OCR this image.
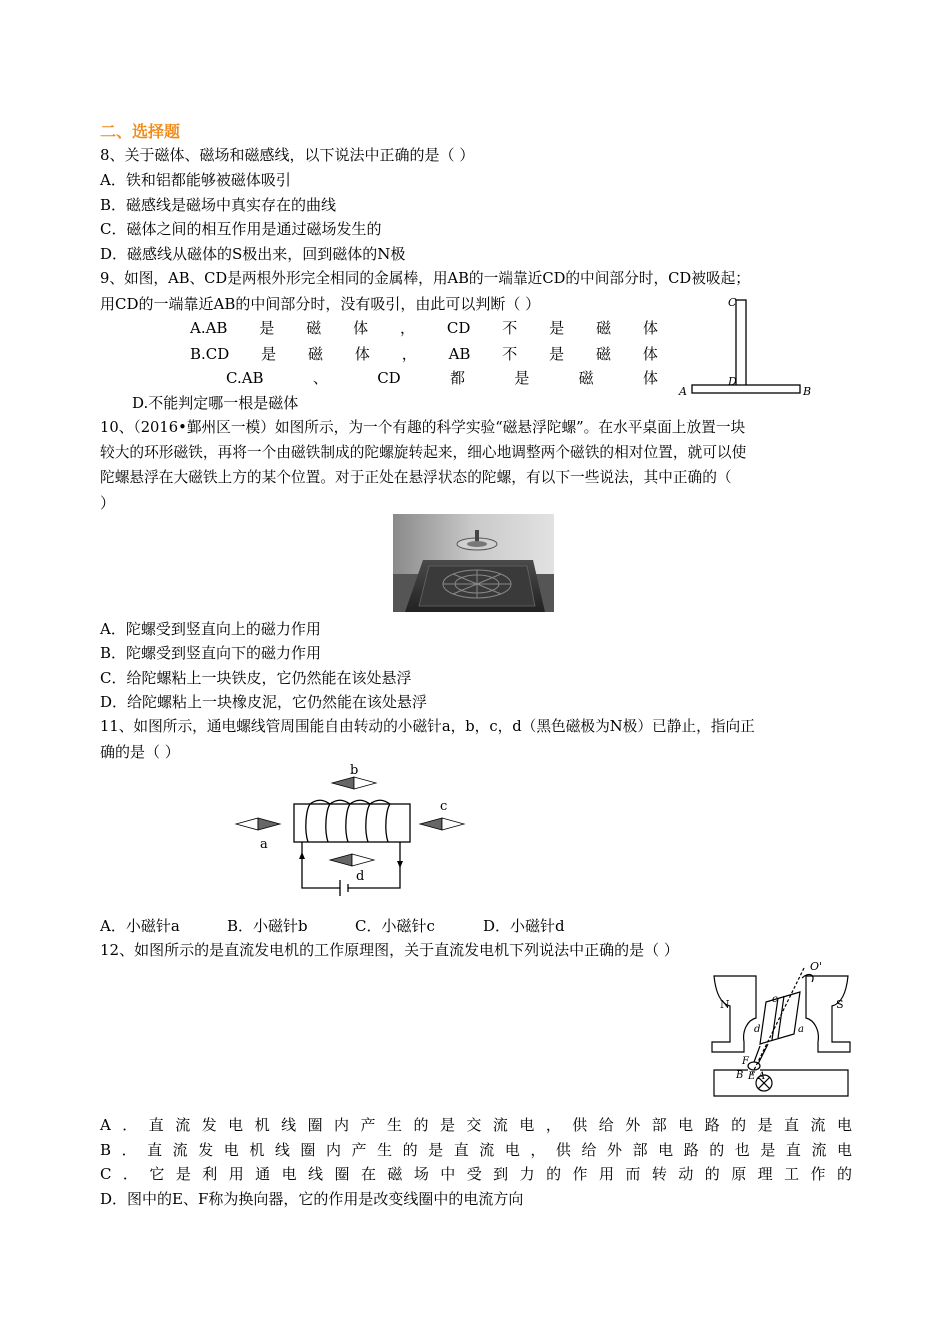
二、选择题
8、关于磁体、磁场和磁感线，以下说法中正确的是（ ）
A．铁和铝都能够被磁体吸引
B．磁感线是磁场中真实存在的曲线
C．磁体之间的相互作用是通过磁场发生的
D．磁感线从磁体的S极出来，回到磁体的N极
9、如图，AB、CD是两根外形完全相同的金属棒，用AB的一端靠近CD的中间部分时，CD被吸起；
用CD的一端靠近AB的中间部分时，没有吸引，由此可以判断（ ）
A.AB 是 磁 体 ， CD 不 是 磁 体
B.CD 是 磁 体 ， AB 不 是 磁 体
C.AB	、	CD	都	是	磁	体
D.不能判定哪一根是磁体
C
D
A	B
10、（2016•鄞州区一模）如图所示，为一个有趣的科学实验“磁悬浮陀螺”。在水平桌面上放置一块
较大的环形磁铁，再将一个由磁铁制成的陀螺旋转起来，细心地调整两个磁铁的相对位置，就可以使
陀螺悬浮在大磁铁上方的某个位置。对于正处在悬浮状态的陀螺，有以下一些说法，其中正确的（
）
A．陀螺受到竖直向上的磁力作用
B．陀螺受到竖直向下的磁力作用
C．给陀螺粘上一块铁皮，它仍然能在该处悬浮
D．给陀螺粘上一块橡皮泥，它仍然能在该处悬浮
11、如图所示，通电螺线管周围能自由转动的小磁针a，b，c，d（黑色磁极为N极）已静止，指向正
确的是（ ）
b
a
c
d
A．小磁针a	B．小磁针b	C．小磁针c	D．小磁针d
12、如图所示的是直流发电机的工作原理图，关于直流发电机下列说法中正确的是（ ）
O'
N	S
c
d	a
F
B E A
A．直流发电机线圈内产生的是交流电，供给外部电路的是直流电
B．直流发电机线圈内产生的是直流电，供给外部电路的也是直流电
C．它是利用通电线圈在磁场中受到力的作用而转动的原理工作的
D．图中的E、F称为换向器，它的作用是改变线圈中的电流方向
